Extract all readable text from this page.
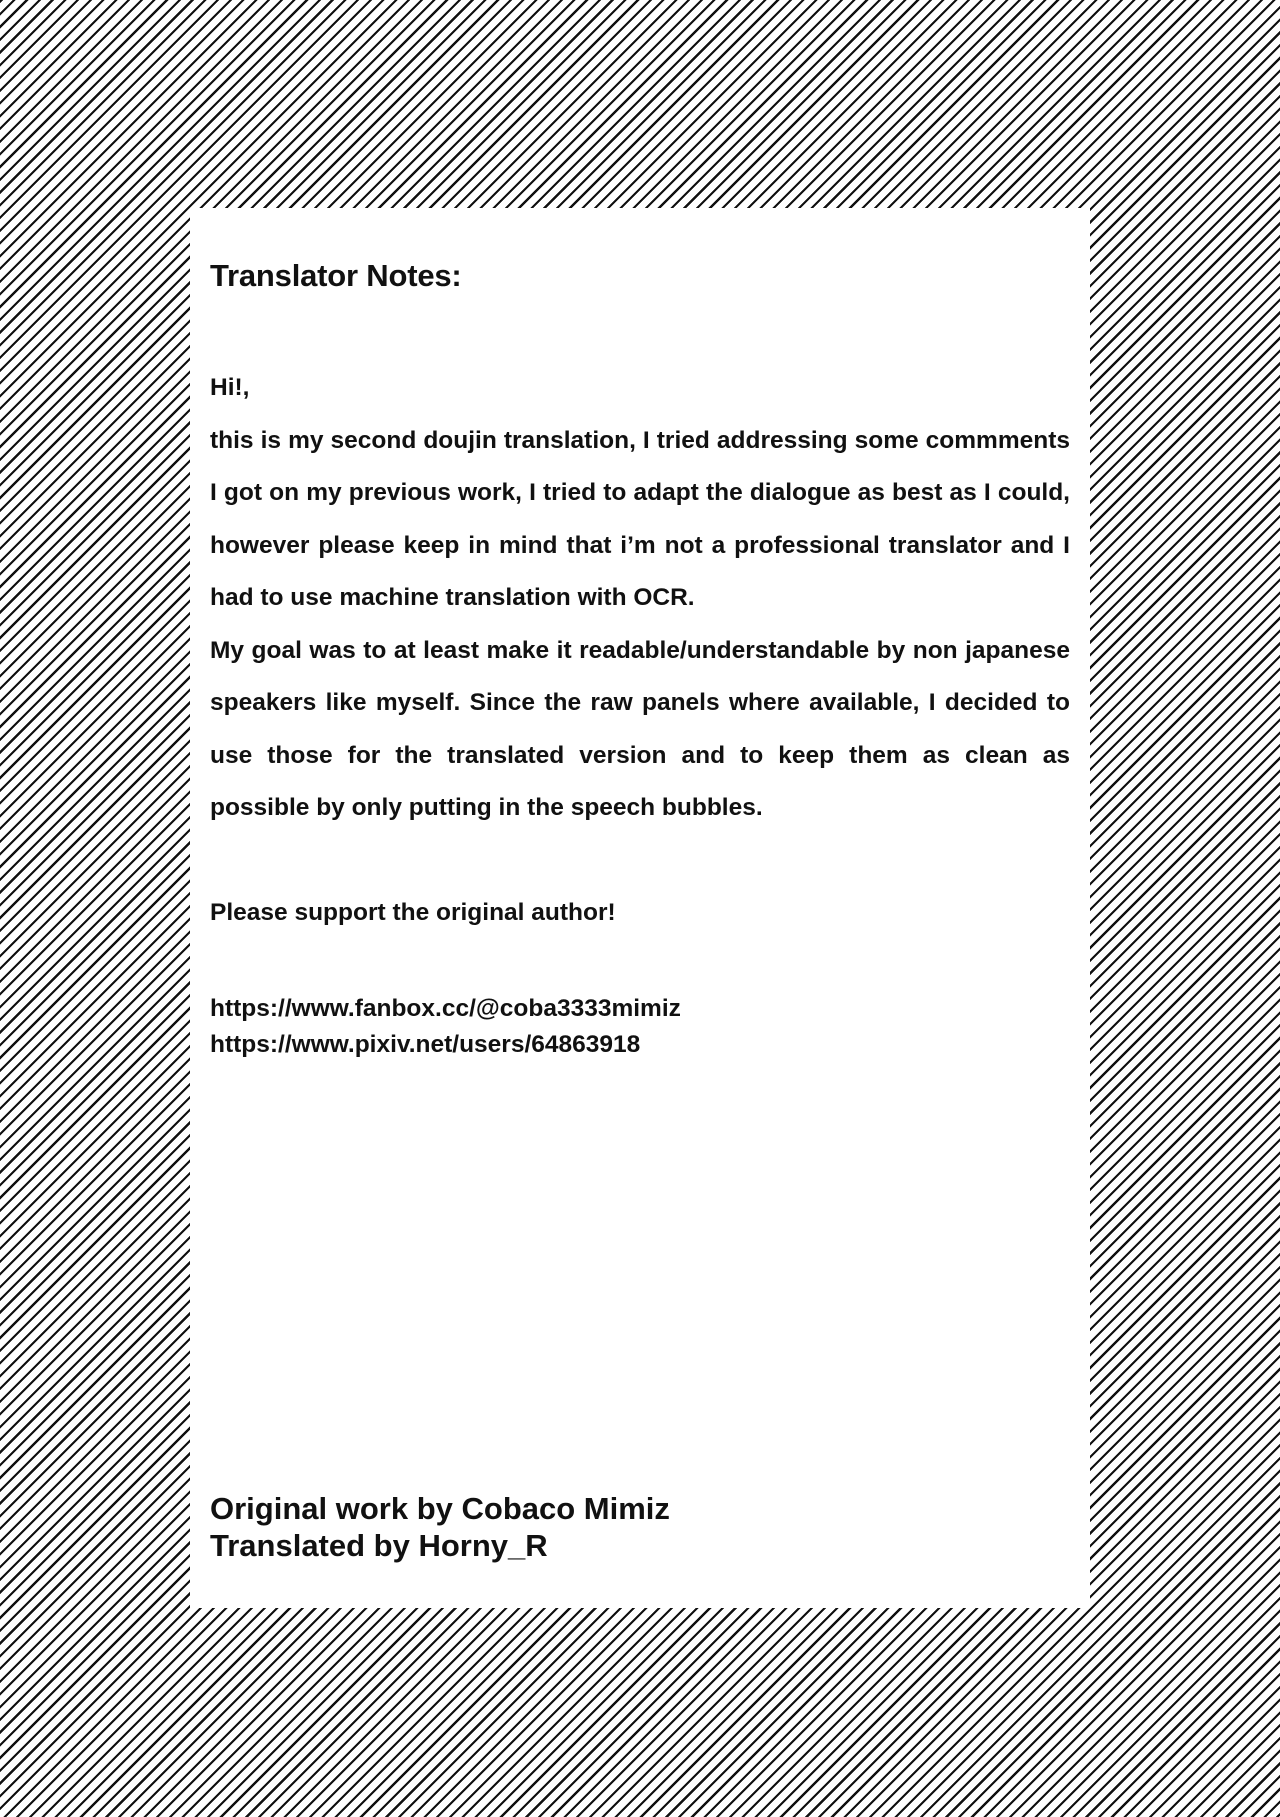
Translator Notes:

Hi!,

this is my second doujin translation, I tried addressing some commments I got on my previous work, I tried to adapt the dialogue as best as I could, however please keep in mind that i’m not a professional translator and I had to use machine translation with OCR.

My goal was to at least make it readable/understandable by non japanese speakers like myself. Since the raw panels where available, I decided to use those for the translated version and to keep them as clean as possible by only putting in the speech bubbles.

Please support the original author!

https://www.fanbox.cc/@coba3333mimiz
https://www.pixiv.net/users/64863918

Original work by Cobaco Mimiz

Translated by Horny_R
